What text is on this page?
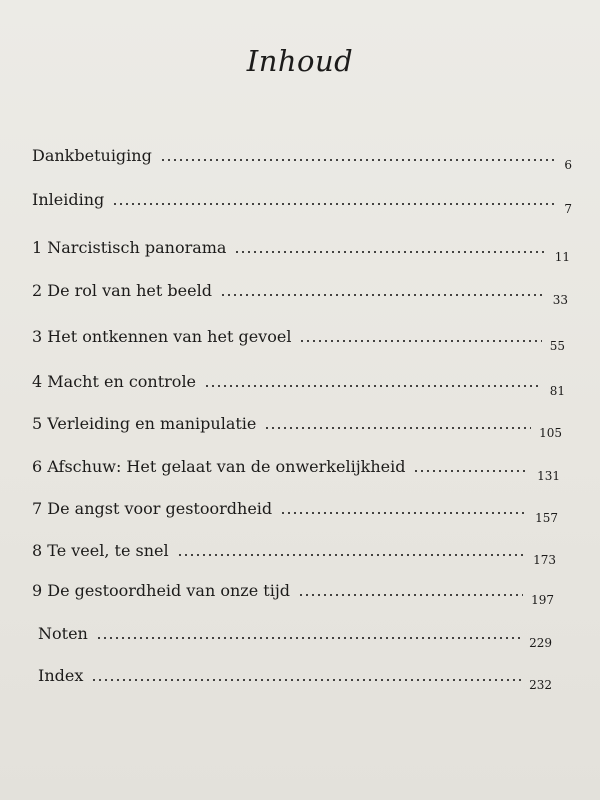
Inhoud
Dankbetuiging	6
Inleiding	7
1 Narcistisch panorama	11
2 De rol van het beeld	33
3 Het ontkennen van het gevoel	55
4 Macht en controle	81
5 Verleiding en manipulatie	105
6 Afschuw: Het gelaat van de onwerkelijkheid	131
7 De angst voor gestoordheid	157
8 Te veel, te snel	173
9 De gestoordheid van onze tijd	197
Noten	229
Index	232
